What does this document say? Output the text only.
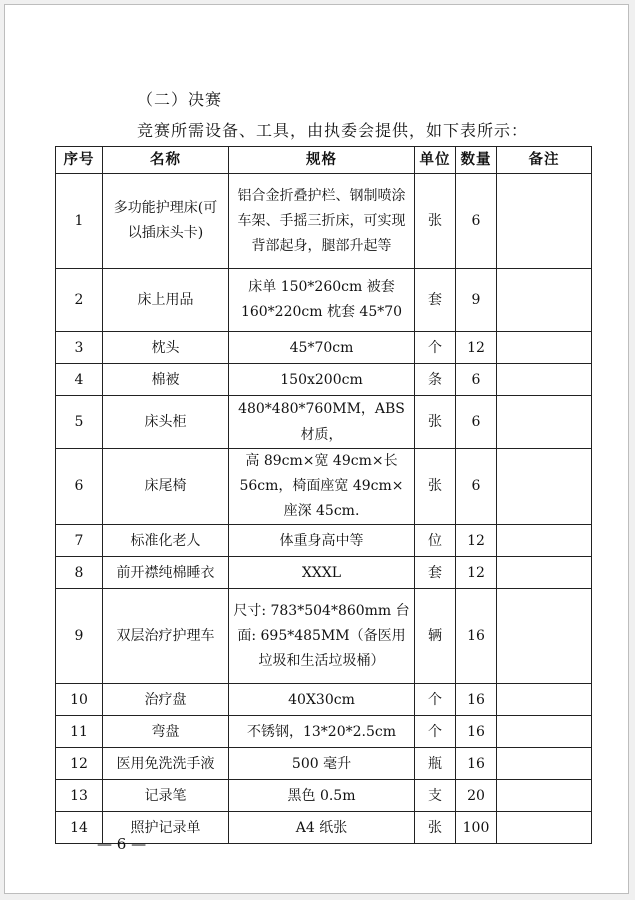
（二）决赛
竞赛所需设备、工具，由执委会提供，如下表所示：
序号	名称	规格	单位	数量	备注
1	多功能护理床(可以插床头卡)	铝合金折叠护栏、钢制喷涂车架、手摇三折床，可实现背部起身，腿部升起等	张	6	
2	床上用品	床单 150*260cm 被套 160*220cm 枕套 45*70	套	9	
3	枕头	45*70cm	个	12	
4	棉被	150x200cm	条	6	
5	床头柜	480*480*760MM，ABS 材质，	张	6	
6	床尾椅	高 89cm×宽 49cm×长 56cm，椅面座宽 49cm×座深 45cm.	张	6	
7	标准化老人	体重身高中等	位	12	
8	前开襟纯棉睡衣	XXXL	套	12	
9	双层治疗护理车	尺寸: 783*504*860mm 台面: 695*485MM（备医用垃圾和生活垃圾桶）	辆	16	
10	治疗盘	40X30cm	个	16	
11	弯盘	不锈钢，13*20*2.5cm	个	16	
12	医用免洗洗手液	500 毫升	瓶	16	
13	记录笔	黑色 0.5m	支	20	
14	照护记录单	A4 纸张	张	100	
— 6 —
